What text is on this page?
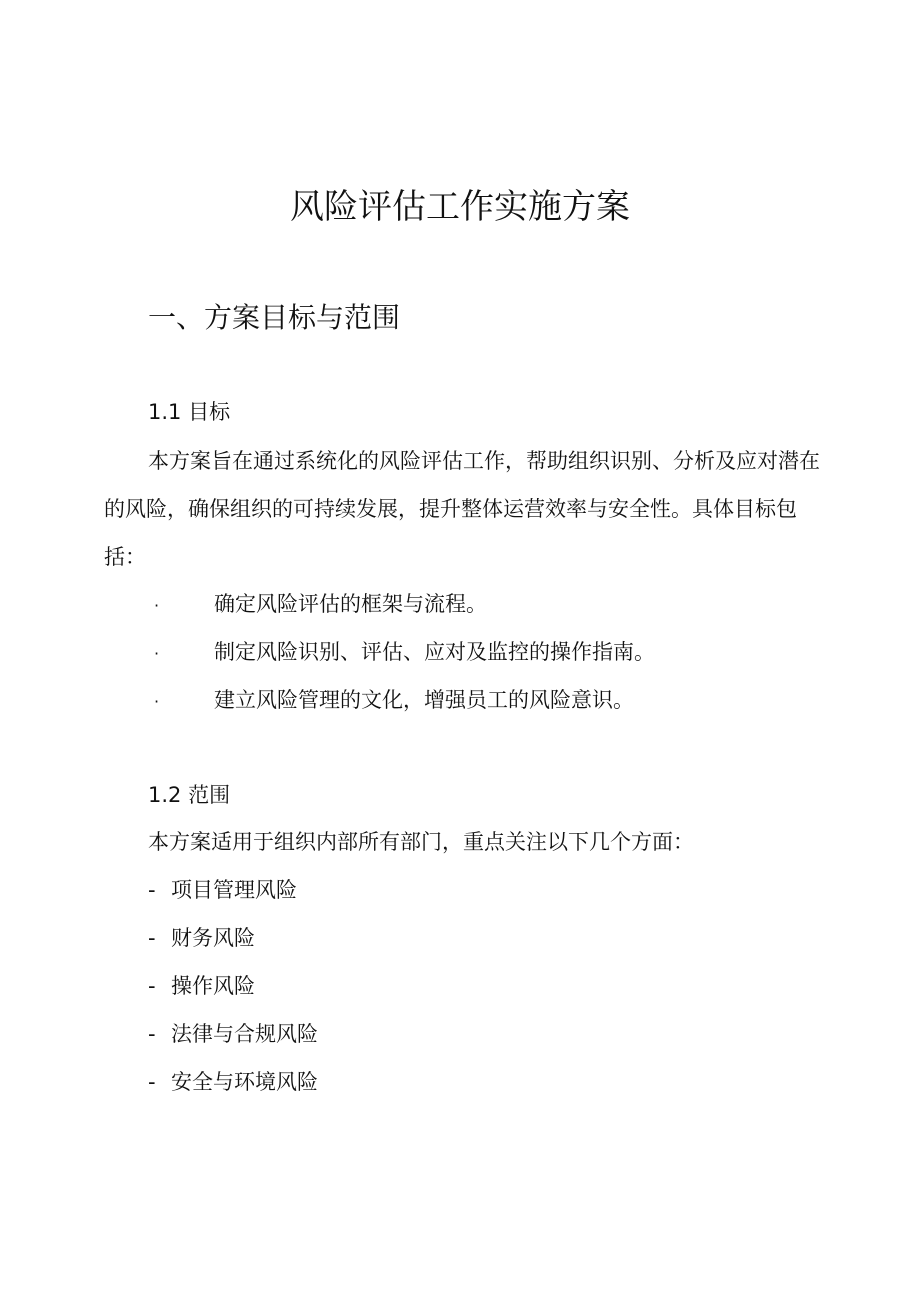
风险评估工作实施方案
一、方案目标与范围
1.1 目标

本方案旨在通过系统化的风险评估工作，帮助组织识别、分析及应对潜在的风险，确保组织的可持续发展，提升整体运营效率与安全性。具体目标包括：

·	确定风险评估的框架与流程。
·	制定风险识别、评估、应对及监控的操作指南。
·	建立风险管理的文化，增强员工的风险意识。
1.2 范围

本方案适用于组织内部所有部门，重点关注以下几个方面：

- 项目管理风险
- 财务风险
- 操作风险
- 法律与合规风险
- 安全与环境风险
